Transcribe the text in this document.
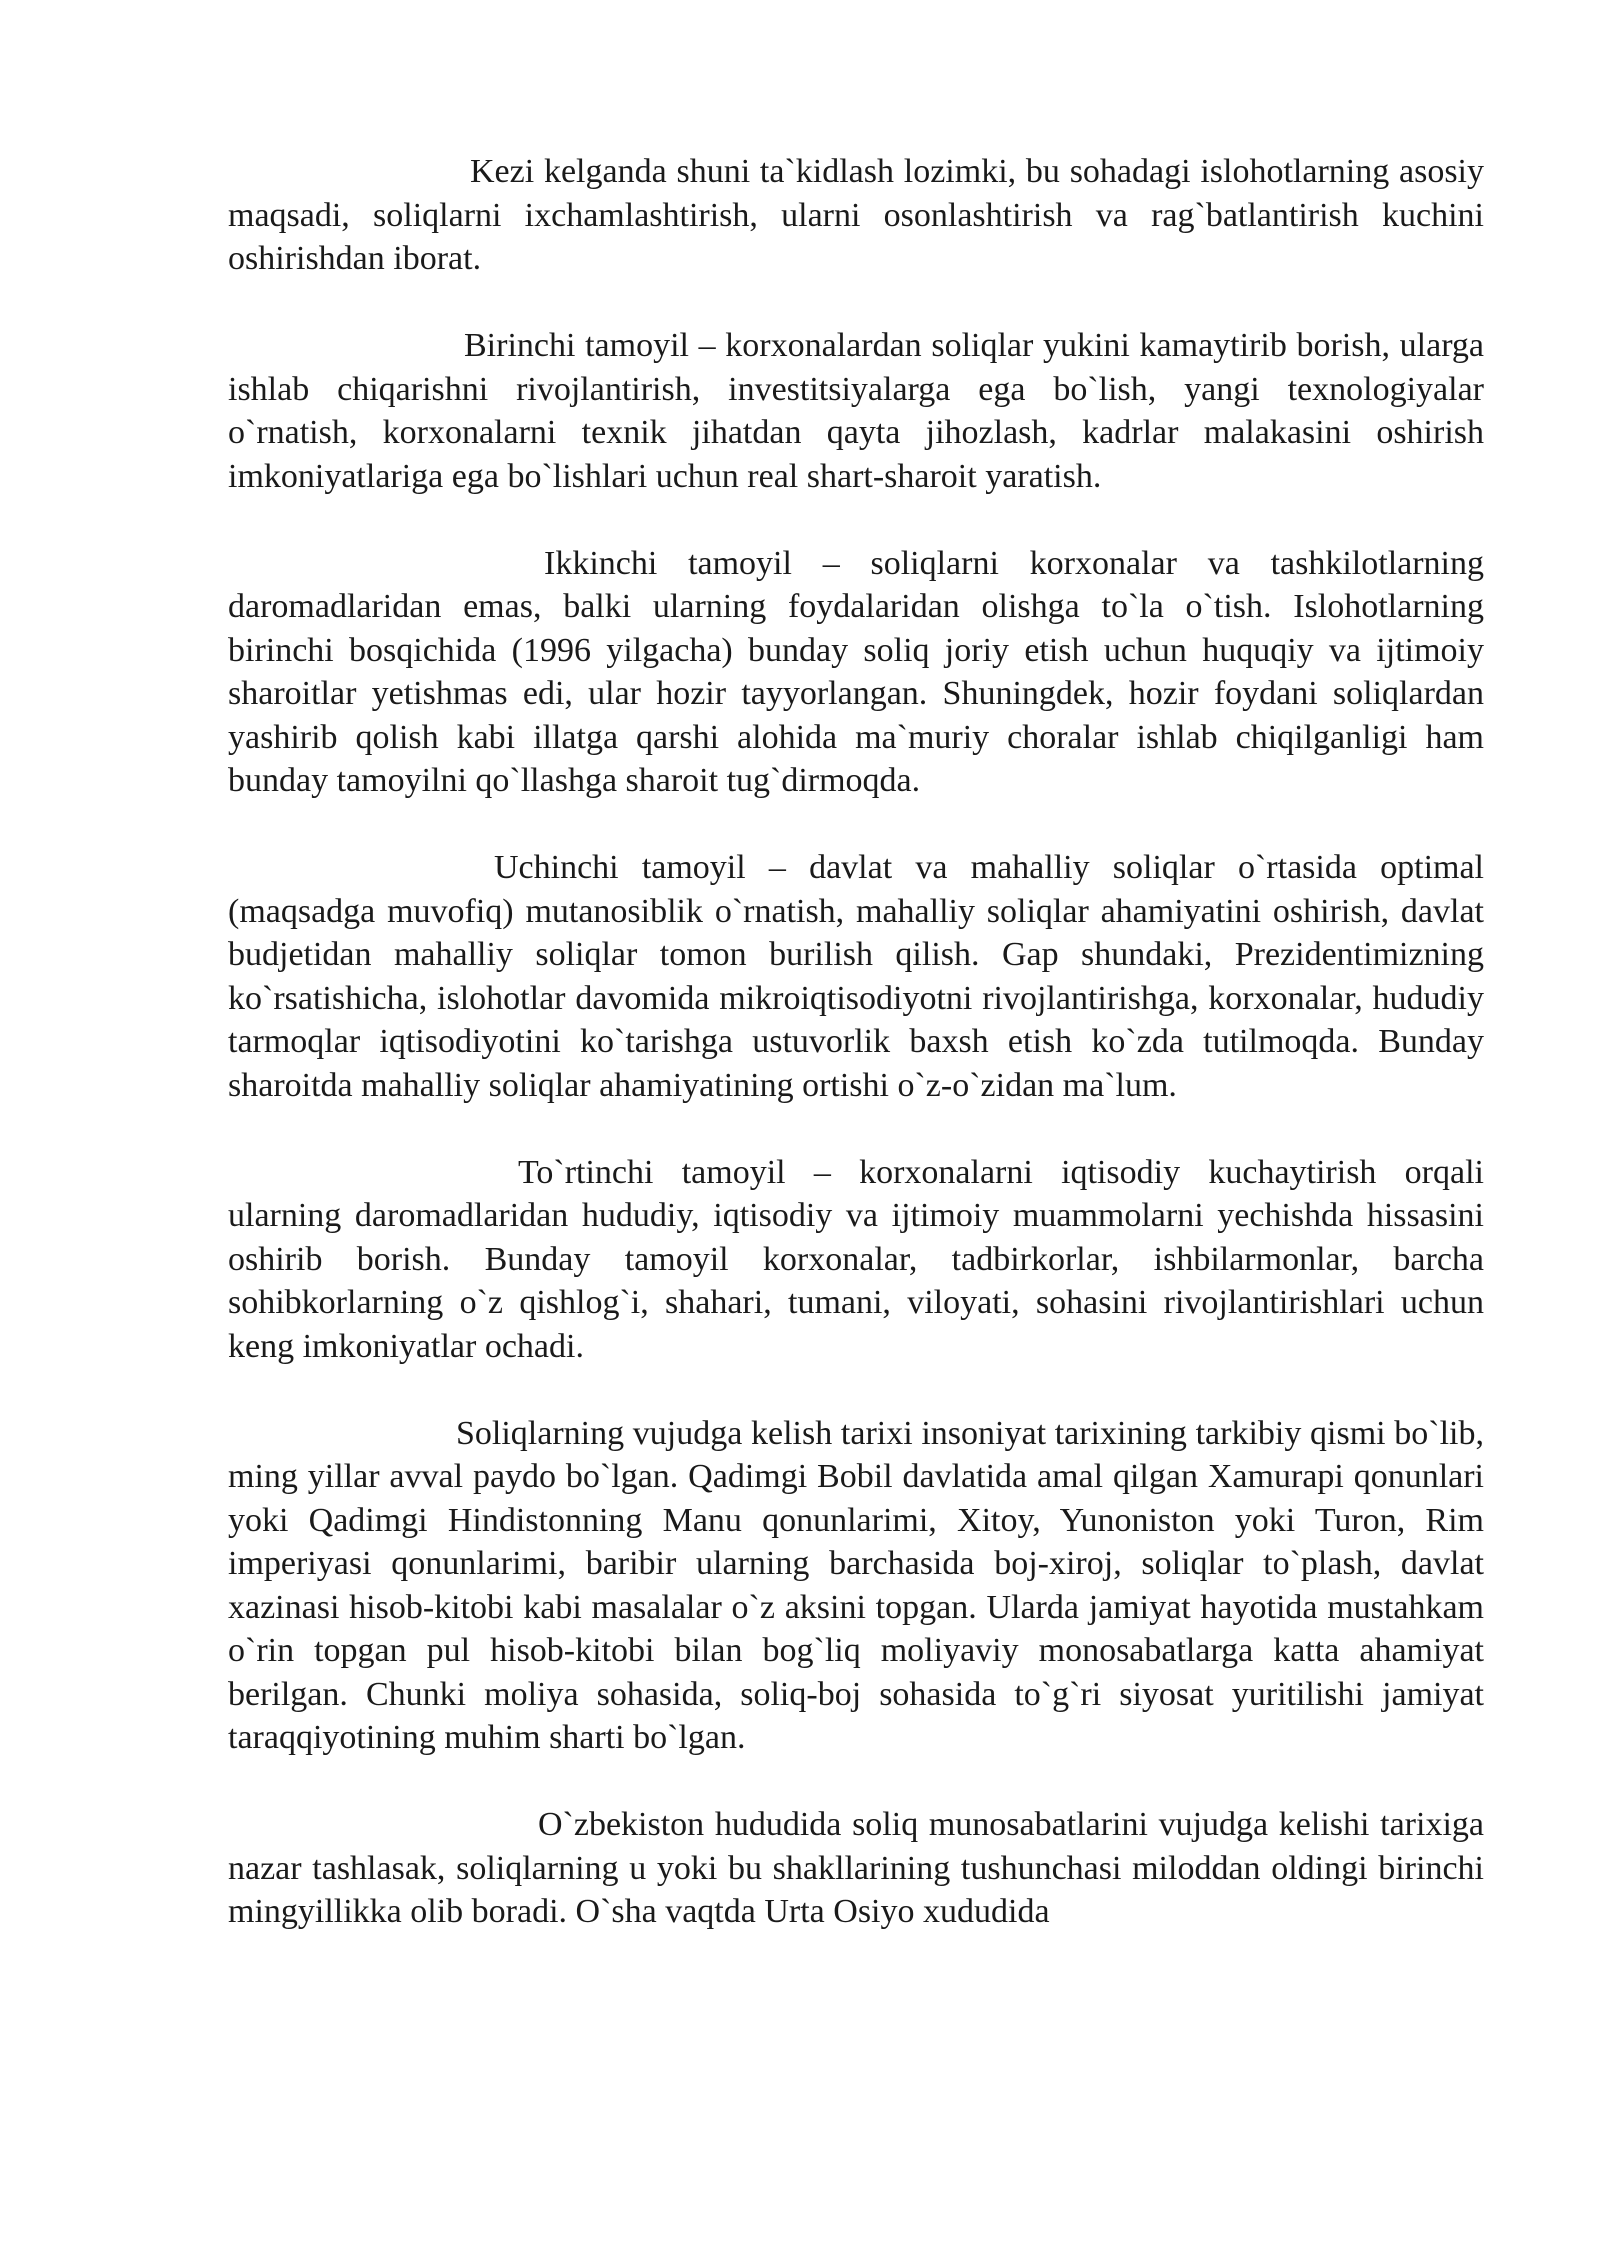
Kezi kelganda shuni ta`kidlash lozimki, bu sohadagi islohotlarning asosiy maqsadi, soliqlarni ixchamlashtirish, ularni osonlashtirish va rag`batlantirish kuchini oshirishdan iborat.

Birinchi tamoyil – korxonalardan soliqlar yukini kamaytirib borish, ularga ishlab chiqarishni rivojlantirish, investitsiyalarga ega bo`lish, yangi texnologiyalar o`rnatish, korxonalarni texnik jihatdan qayta jihozlash, kadrlar malakasini oshirish imkoniyatlariga ega bo`lishlari uchun real shart-sharoit yaratish.

Ikkinchi tamoyil – soliqlarni korxonalar va tashkilotlarning daromadlaridan emas, balki ularning foydalaridan olishga to`la o`tish. Islohotlarning birinchi bosqichida (1996 yilgacha) bunday soliq joriy etish uchun huquqiy va ijtimoiy sharoitlar yetishmas edi, ular hozir tayyorlangan. Shuningdek, hozir foydani soliqlardan yashirib qolish kabi illatga qarshi alohida ma`muriy choralar ishlab chiqilganligi ham bunday tamoyilni qo`llashga sharoit tug`dirmoqda.

Uchinchi tamoyil – davlat va mahalliy soliqlar o`rtasida optimal (maqsadga muvofiq) mutanosiblik o`rnatish, mahalliy soliqlar ahamiyatini oshirish, davlat budjetidan mahalliy soliqlar tomon burilish qilish. Gap shundaki, Prezidentimizning ko`rsatishicha, islohotlar davomida mikroiqtisodiyotni rivojlantirishga, korxonalar, hududiy tarmoqlar iqtisodiyotini ko`tarishga ustuvorlik baxsh etish ko`zda tutilmoqda. Bunday sharoitda mahalliy soliqlar ahamiyatining ortishi o`z-o`zidan ma`lum.

To`rtinchi tamoyil – korxonalarni iqtisodiy kuchaytirish orqali ularning daromadlaridan hududiy, iqtisodiy va ijtimoiy muammolarni yechishda hissasini oshirib borish. Bunday tamoyil korxonalar, tadbirkorlar, ishbilarmonlar, barcha sohibkorlarning o`z qishlog`i, shahari, tumani, viloyati, sohasini rivojlantirishlari uchun keng imkoniyatlar ochadi.

Soliqlarning vujudga kelish tarixi insoniyat tarixining tarkibiy qismi bo`lib, ming yillar avval paydo bo`lgan. Qadimgi Bobil davlatida amal qilgan Xamurapi qonunlari yoki Qadimgi Hindistonning Manu qonunlarimi, Xitoy, Yunoniston yoki Turon, Rim imperiyasi qonunlarimi, baribir ularning barchasida boj-xiroj, soliqlar to`plash, davlat xazinasi hisob-kitobi kabi masalalar o`z aksini topgan. Ularda jamiyat hayotida mustahkam o`rin topgan pul hisob-kitobi bilan bog`liq moliyaviy monosabatlarga katta ahamiyat berilgan. Chunki moliya sohasida, soliq-boj sohasida to`g`ri siyosat yuritilishi jamiyat taraqqiyotining muhim sharti bo`lgan.

O`zbekiston hududida soliq munosabatlarini vujudga kelishi tarixiga nazar tashlasak, soliqlarning u yoki bu shakllarining tushunchasi miloddan oldingi birinchi mingyillikka olib boradi. O`sha vaqtda Urta Osiyo xududida
